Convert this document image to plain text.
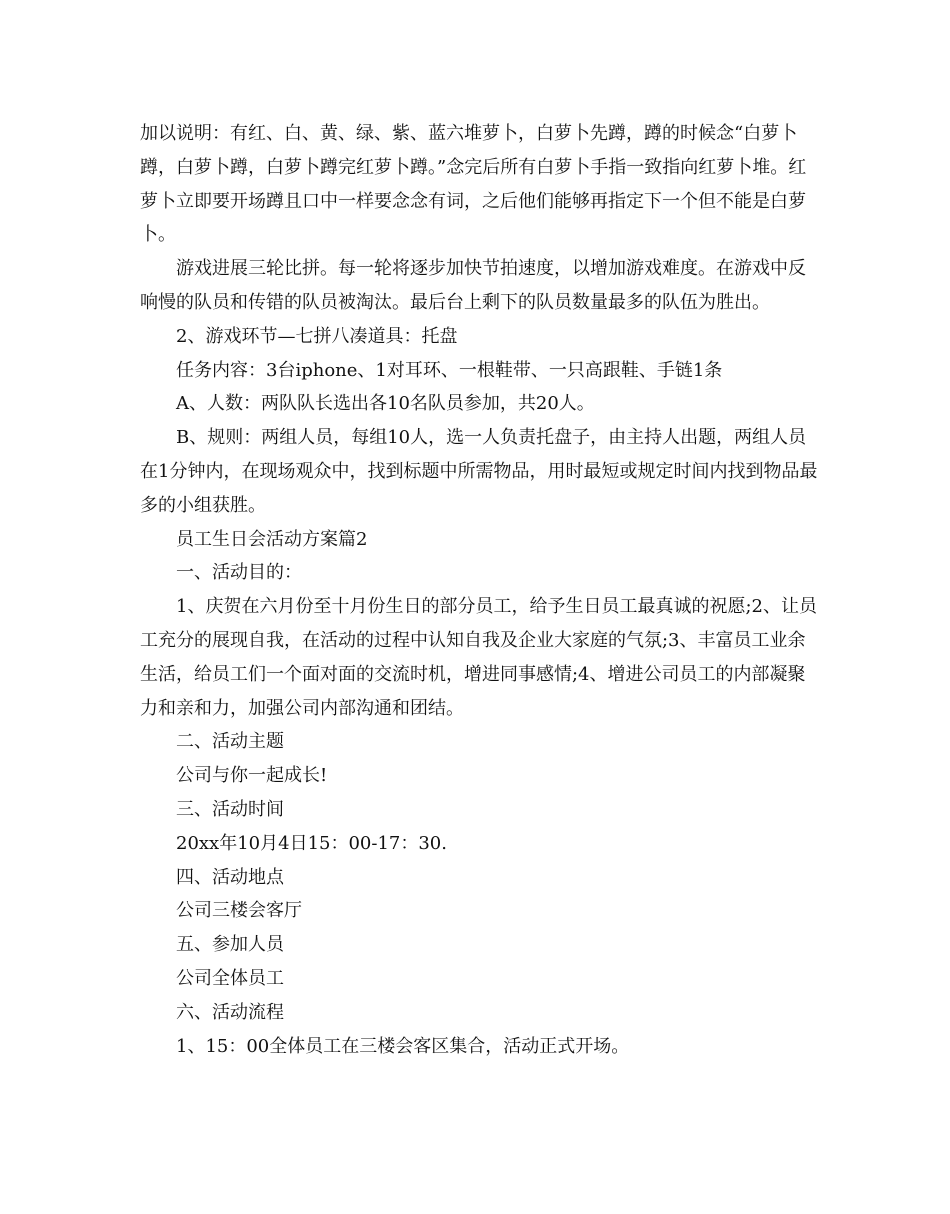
加以说明：有红、白、黄、绿、紫、蓝六堆萝卜，白萝卜先蹲，蹲的时候念“白萝卜蹲，白萝卜蹲，白萝卜蹲完红萝卜蹲。”念完后所有白萝卜手指一致指向红萝卜堆。红萝卜立即要开场蹲且口中一样要念念有词，之后他们能够再指定下一个但不能是白萝卜。

游戏进展三轮比拼。每一轮将逐步加快节拍速度，以增加游戏难度。在游戏中反响慢的队员和传错的队员被淘汰。最后台上剩下的队员数量最多的队伍为胜出。

2、游戏环节—七拼八凑道具：托盘

任务内容：3台iphone、1对耳环、一根鞋带、一只高跟鞋、手链1条

A、人数：两队队长选出各10名队员参加，共20人。

B、规则：两组人员，每组10人，选一人负责托盘子，由主持人出题，两组人员在1分钟内，在现场观众中，找到标题中所需物品，用时最短或规定时间内找到物品最多的小组获胜。

员工生日会活动方案篇2

一、活动目的：

1、庆贺在六月份至十月份生日的部分员工，给予生日员工最真诚的祝愿;2、让员工充分的展现自我，在活动的过程中认知自我及企业大家庭的气氛;3、丰富员工业余生活，给员工们一个面对面的交流时机，增进同事感情;4、增进公司员工的内部凝聚力和亲和力，加强公司内部沟通和团结。

二、活动主题

公司与你一起成长!

三、活动时间

20xx年10月4日15：00-17：30.

四、活动地点

公司三楼会客厅

五、参加人员

公司全体员工

六、活动流程

1、15：00全体员工在三楼会客区集合，活动正式开场。
